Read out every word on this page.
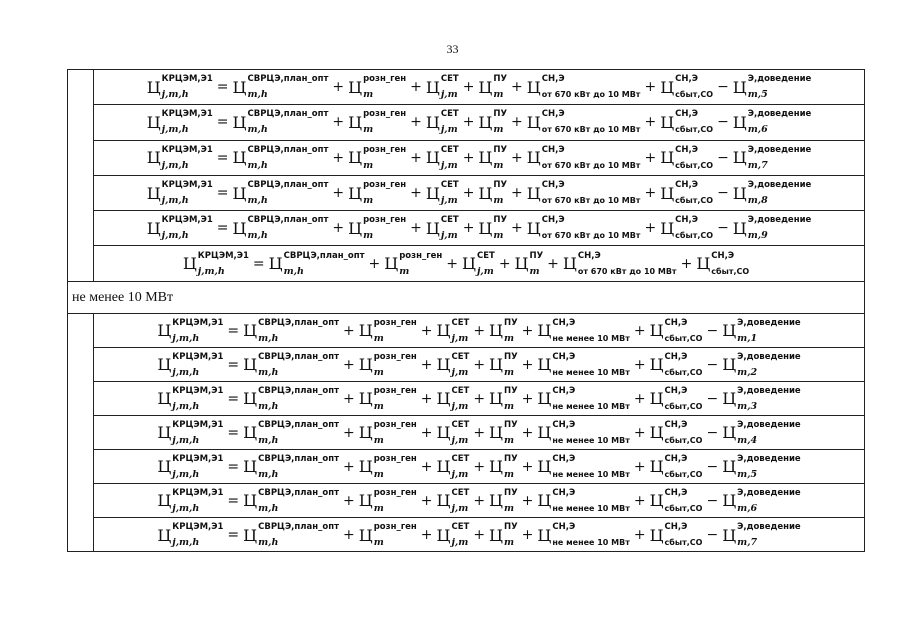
33
Ц КРЦЭМ,Э1
j,m,h	= Ц СВРЦЭ,план_опт
m,h	+ Ц розн_ген
m	+ Ц СЕТ
j,m + Ц ПУ
m + Ц СН,Э
от 670 кВт до 10 МВт + Ц СН,Э
сбыт,СО − Ц Э,доведение
m,5
Ц КРЦЭМ,Э1
j,m,h	= Ц СВРЦЭ,план_опт
m,h	+ Ц розн_ген
m	+ Ц СЕТ
j,m + Ц ПУ
m + Ц СН,Э
от 670 кВт до 10 МВт + Ц СН,Э
сбыт,СО − Ц Э,доведение
m,6
Ц КРЦЭМ,Э1
j,m,h	= Ц СВРЦЭ,план_опт
m,h	+ Ц розн_ген
m	+ Ц СЕТ
j,m + Ц ПУ
m + Ц СН,Э
от 670 кВт до 10 МВт + Ц СН,Э
сбыт,СО − Ц Э,доведение
m,7
Ц КРЦЭМ,Э1
j,m,h	= Ц СВРЦЭ,план_опт
m,h	+ Ц розн_ген
m	+ Ц СЕТ
j,m + Ц ПУ
m + Ц СН,Э
от 670 кВт до 10 МВт + Ц СН,Э
сбыт,СО − Ц Э,доведение
m,8
Ц КРЦЭМ,Э1
j,m,h	= Ц СВРЦЭ,план_опт
m,h	+ Ц розн_ген
m	+ Ц СЕТ
j,m + Ц ПУ
m + Ц СН,Э
от 670 кВт до 10 МВт + Ц СН,Э
сбыт,СО − Ц Э,доведение
m,9
Ц КРЦЭМ,Э1
j,m,h	= Ц СВРЦЭ,план_опт
m,h	+ Ц розн_ген
m	+ Ц СЕТ
j,m + Ц ПУ
m + Ц СН,Э
от 670 кВт до 10 МВт + Ц СН,Э
сбыт,СО
не менее 10 МВт
Ц КРЦЭМ,Э1
j,m,h	= Ц СВРЦЭ,план_опт
m,h	+ Ц розн_ген
m	+ Ц СЕТ
j,m + Ц ПУ
m + Ц СН,Э
не менее 10 МВт + Ц СН,Э
сбыт,СО − Ц Э,доведение
m,1
Ц КРЦЭМ,Э1
j,m,h	= Ц СВРЦЭ,план_опт
m,h	+ Ц розн_ген
m	+ Ц СЕТ
j,m + Ц ПУ
m + Ц СН,Э
не менее 10 МВт + Ц СН,Э
сбыт,СО − Ц Э,доведение
m,2
Ц КРЦЭМ,Э1
j,m,h	= Ц СВРЦЭ,план_опт
m,h	+ Ц розн_ген
m	+ Ц СЕТ
j,m + Ц ПУ
m + Ц СН,Э
не менее 10 МВт + Ц СН,Э
сбыт,СО − Ц Э,доведение
m,3
Ц КРЦЭМ,Э1
j,m,h	= Ц СВРЦЭ,план_опт
m,h	+ Ц розн_ген
m	+ Ц СЕТ
j,m + Ц ПУ
m + Ц СН,Э
не менее 10 МВт + Ц СН,Э
сбыт,СО − Ц Э,доведение
m,4
Ц КРЦЭМ,Э1
j,m,h	= Ц СВРЦЭ,план_опт
m,h	+ Ц розн_ген
m	+ Ц СЕТ
j,m + Ц ПУ
m + Ц СН,Э
не менее 10 МВт + Ц СН,Э
сбыт,СО − Ц Э,доведение
m,5
Ц КРЦЭМ,Э1
j,m,h	= Ц СВРЦЭ,план_опт
m,h	+ Ц розн_ген
m	+ Ц СЕТ
j,m + Ц ПУ
m + Ц СН,Э
не менее 10 МВт + Ц СН,Э
сбыт,СО − Ц Э,доведение
m,6
Ц КРЦЭМ,Э1
j,m,h	= Ц СВРЦЭ,план_опт
m,h	+ Ц розн_ген
m	+ Ц СЕТ
j,m + Ц ПУ
m + Ц СН,Э
не менее 10 МВт + Ц СН,Э
сбыт,СО − Ц Э,доведение
m,7
